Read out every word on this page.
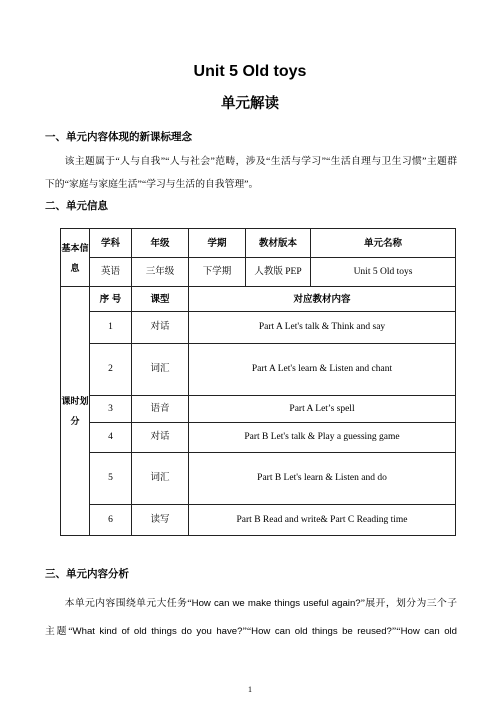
Unit 5 Old toys
单元解读
一、单元内容体现的新课标理念
该主题属于“人与自我”“人与社会”范畴，涉及“生活与学习”“生活自理与卫生习惯”主题群
下的“家庭与家庭生活”“学习与生活的自我管理”。
二、单元信息
基本信息	学科	年级	学期	教材版本	单元名称
	英语	三年级	下学期	人教版 PEP	Unit 5 Old toys
课时划分	序 号	课型	对应教材内容		
	1	对话	Part A Let's talk & Think and say		
	2	词汇	Part A Let's learn & Listen and chant		
	3	语音	Part A Let’s spell		
	4	对话	Part B Let's talk & Play a guessing game		
	5	词汇	Part B Let's learn & Listen and do		
	6	读写	Part B Read and write& Part C Reading time		
三、单元内容分析
本单元内容围绕单元大任务“How can we make things useful again?”展开，划分为三个子
主题“What kind of old things do you have?”“How can old things be reused?”“How can old
1
